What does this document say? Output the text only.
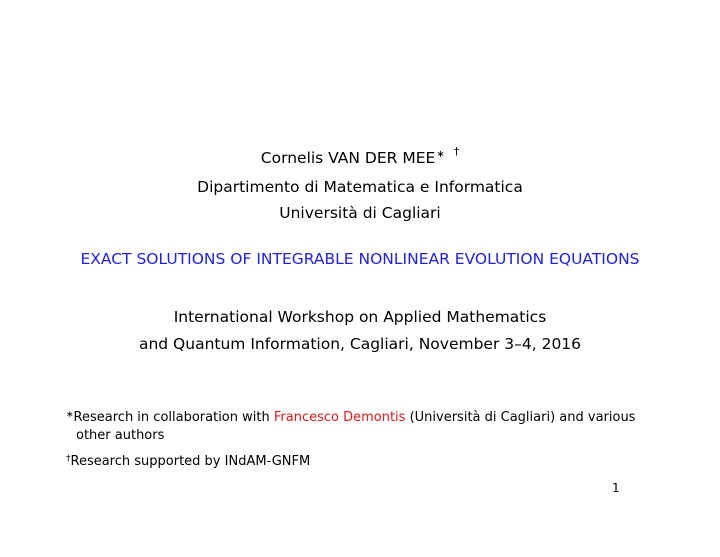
Cornelis VAN DER MEE∗ †
Dipartimento di Matematica e Informatica
Università di Cagliari
EXACT SOLUTIONS OF INTEGRABLE NONLINEAR EVOLUTION EQUATIONS
International Workshop on Applied Mathematics
and Quantum Information, Cagliari, November 3–4, 2016
∗Research in collaboration with Francesco Demontis (Università di Cagliari) and various
other authors
†Research supported by INdAM-GNFM
1
